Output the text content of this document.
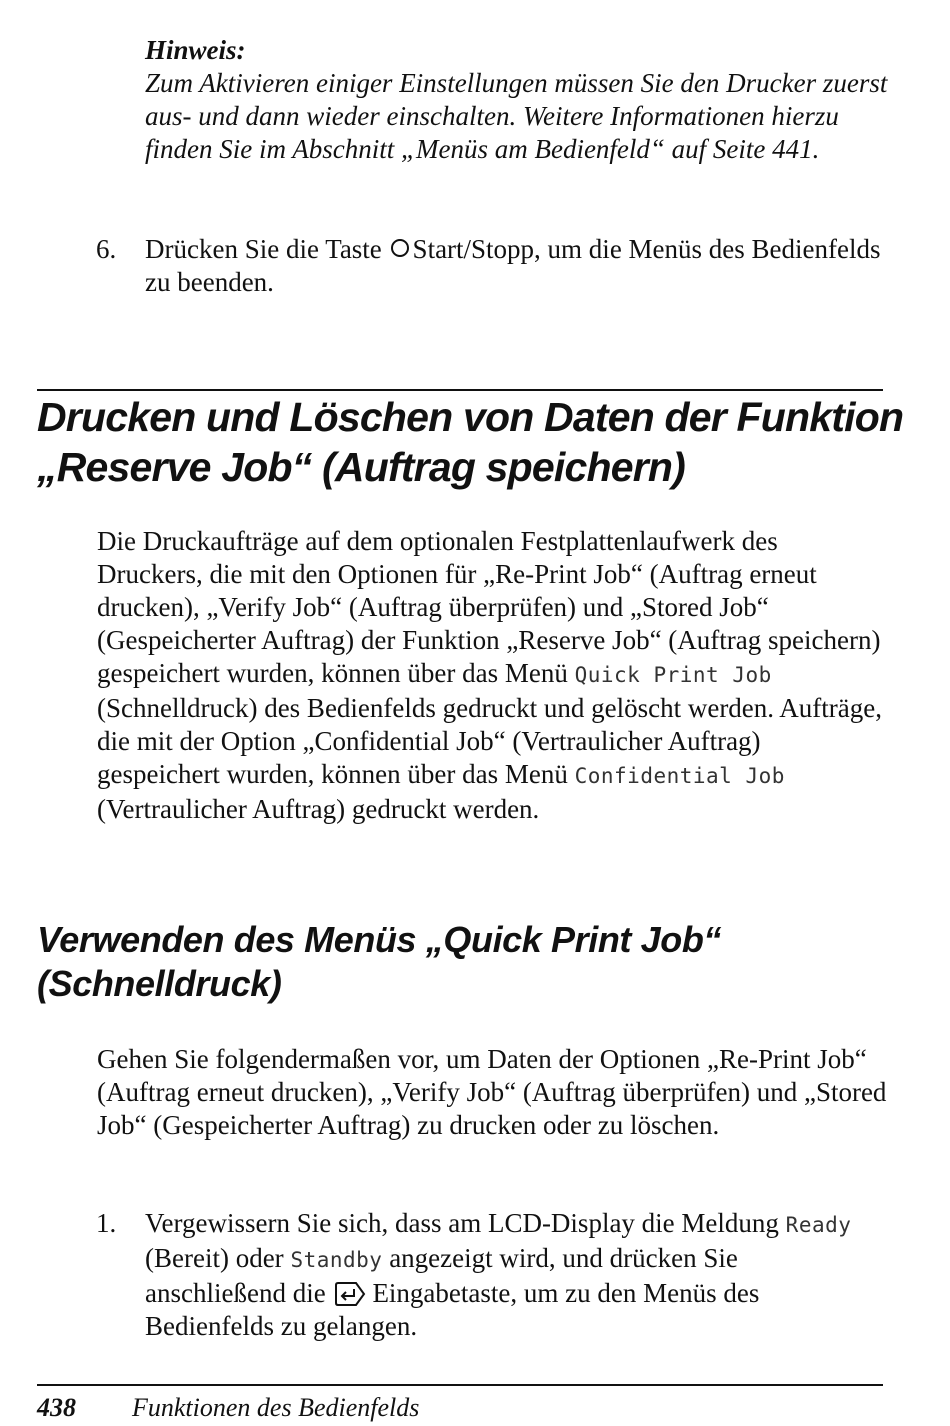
Hinweis:
Zum Aktivieren einiger Einstellungen müssen Sie den Drucker zuerst aus- und dann wieder einschalten. Weitere Informationen hierzu finden Sie im Abschnitt „Menüs am Bedienfeld“ auf Seite 441.
6. Drücken Sie die Taste Start/Stopp, um die Menüs des Bedienfelds zu beenden.
Drucken und Löschen von Daten der Funktion „Reserve Job“ (Auftrag speichern)

Die Druckaufträge auf dem optionalen Festplattenlaufwerk des Druckers, die mit den Optionen für „Re-Print Job“ (Auftrag erneut drucken), „Verify Job“ (Auftrag überprüfen) und „Stored Job“ (Gespeicherter Auftrag) der Funktion „Reserve Job“ (Auftrag speichern) gespeichert wurden, können über das Menü Quick Print Job (Schnelldruck) des Bedienfelds gedruckt und gelöscht werden. Aufträge, die mit der Option „Confidential Job“ (Vertraulicher Auftrag) gespeichert wurden, können über das Menü Confidential Job (Vertraulicher Auftrag) gedruckt werden.

Verwenden des Menüs „Quick Print Job“ (Schnelldruck)

Gehen Sie folgendermaßen vor, um Daten der Optionen „Re-Print Job“ (Auftrag erneut drucken), „Verify Job“ (Auftrag überprüfen) und „Stored Job“ (Gespeicherter Auftrag) zu drucken oder zu löschen.

1. Vergewissern Sie sich, dass am LCD-Display die Meldung Ready (Bereit) oder Standby angezeigt wird, und drücken Sie anschließend die Eingabetaste, um zu den Menüs des Bedienfelds zu gelangen.
438 Funktionen des Bedienfelds
